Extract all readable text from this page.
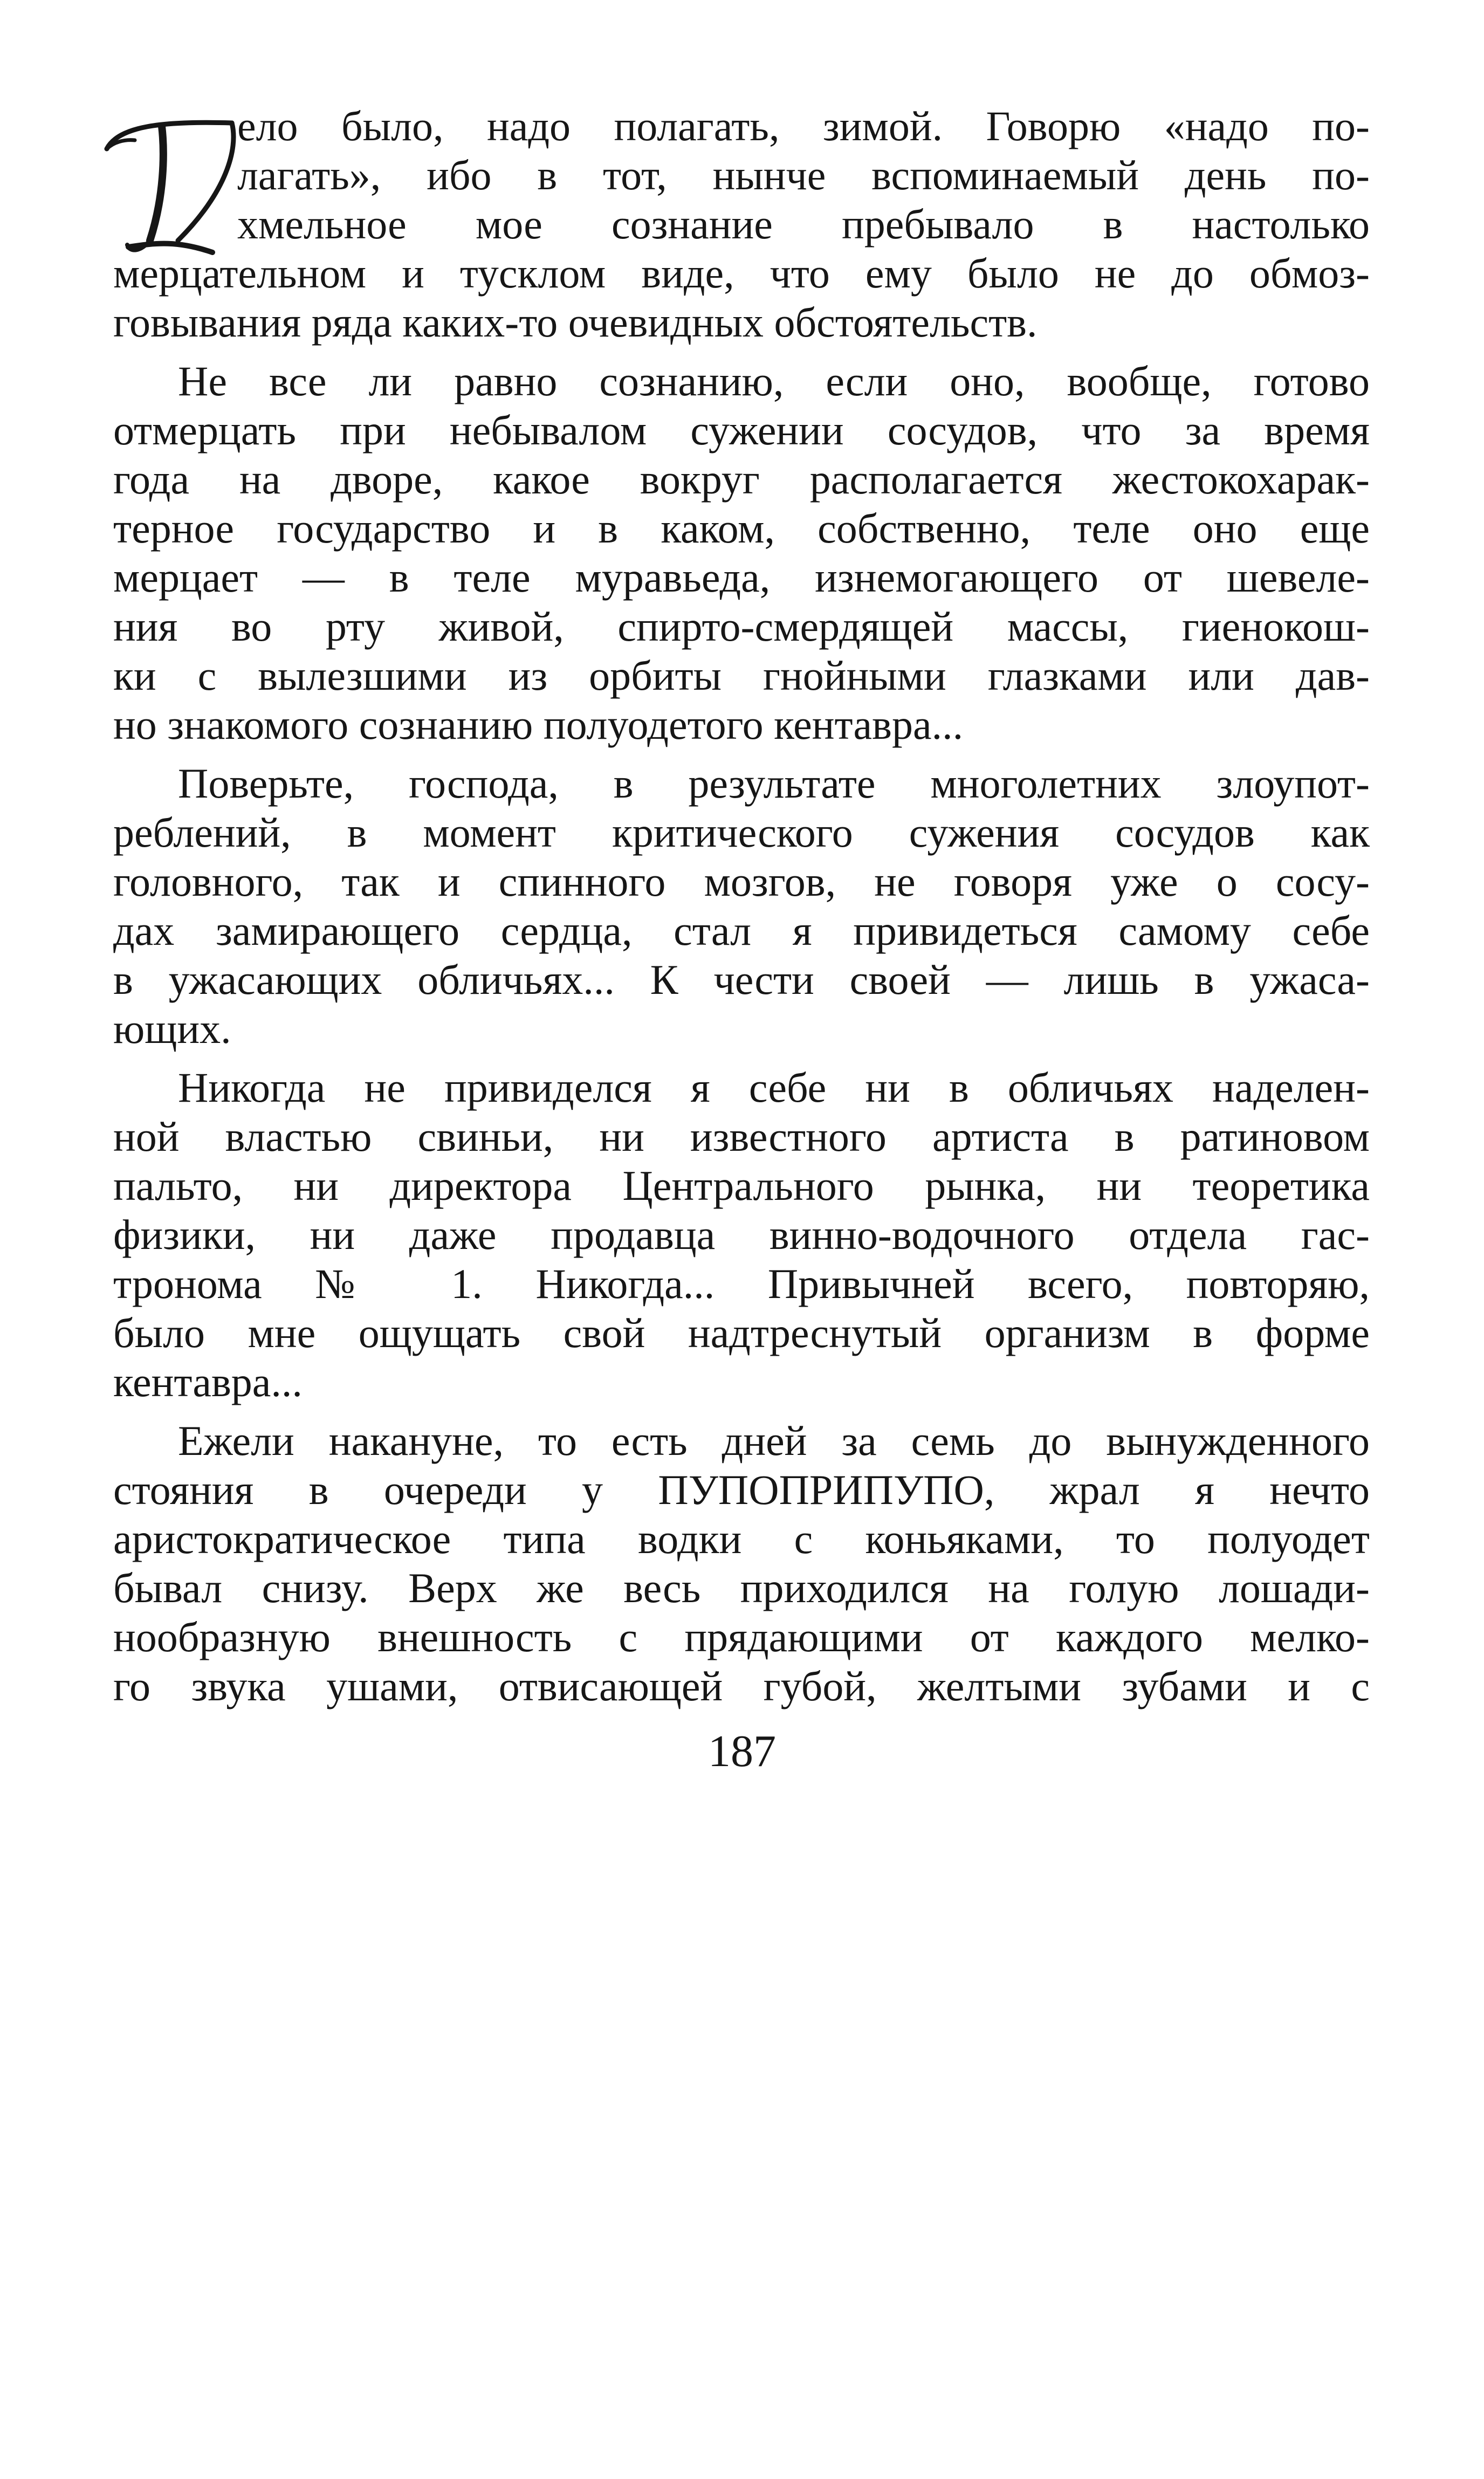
ело было, надо полагать, зимой. Говорю «надо по-
лагать», ибо в тот, нынче вспоминаемый день по-
хмельное мое сознание пребывало в настолько
мерцательном и тусклом виде, что ему было не до обмоз-
говывания ряда каких-то очевидных обстоятельств.
Не все ли равно сознанию, если оно, вообще, готово
отмерцать при небывалом сужении сосудов, что за время
года на дворе, какое вокруг располагается жестокохарак-
терное государство и в каком, собственно, теле оно еще
мерцает — в теле муравьеда, изнемогающего от шевеле-
ния во рту живой, спирто-смердящей массы, гиенокош-
ки с вылезшими из орбиты гнойными глазками или дав-
но знакомого сознанию полуодетого кентавра...
Поверьте, господа, в результате многолетних злоупот-
реблений, в момент критического сужения сосудов как
головного, так и спинного мозгов, не говоря уже о сосу-
дах замирающего сердца, стал я привидеться самому себе
в ужасающих обличьях... К чести своей — лишь в ужаса-
ющих.
Никогда не привиделся я себе ни в обличьях наделен-
ной властью свиньи, ни известного артиста в ратиновом
пальто, ни директора Центрального рынка, ни теоретика
физики, ни даже продавца винно-водочного отдела гас-
тронома № 1. Никогда... Привычней всего, повторяю,
было мне ощущать свой надтреснутый организм в форме
кентавра...
Ежели накануне, то есть дней за семь до вынужденного
стояния в очереди у ПУПОПРИПУПО, жрал я нечто
аристократическое типа водки с коньяками, то полуодет
бывал снизу. Верх же весь приходился на голую лошади-
нообразную внешность с прядающими от каждого мелко-
го звука ушами, отвисающей губой, желтыми зубами и с
187
